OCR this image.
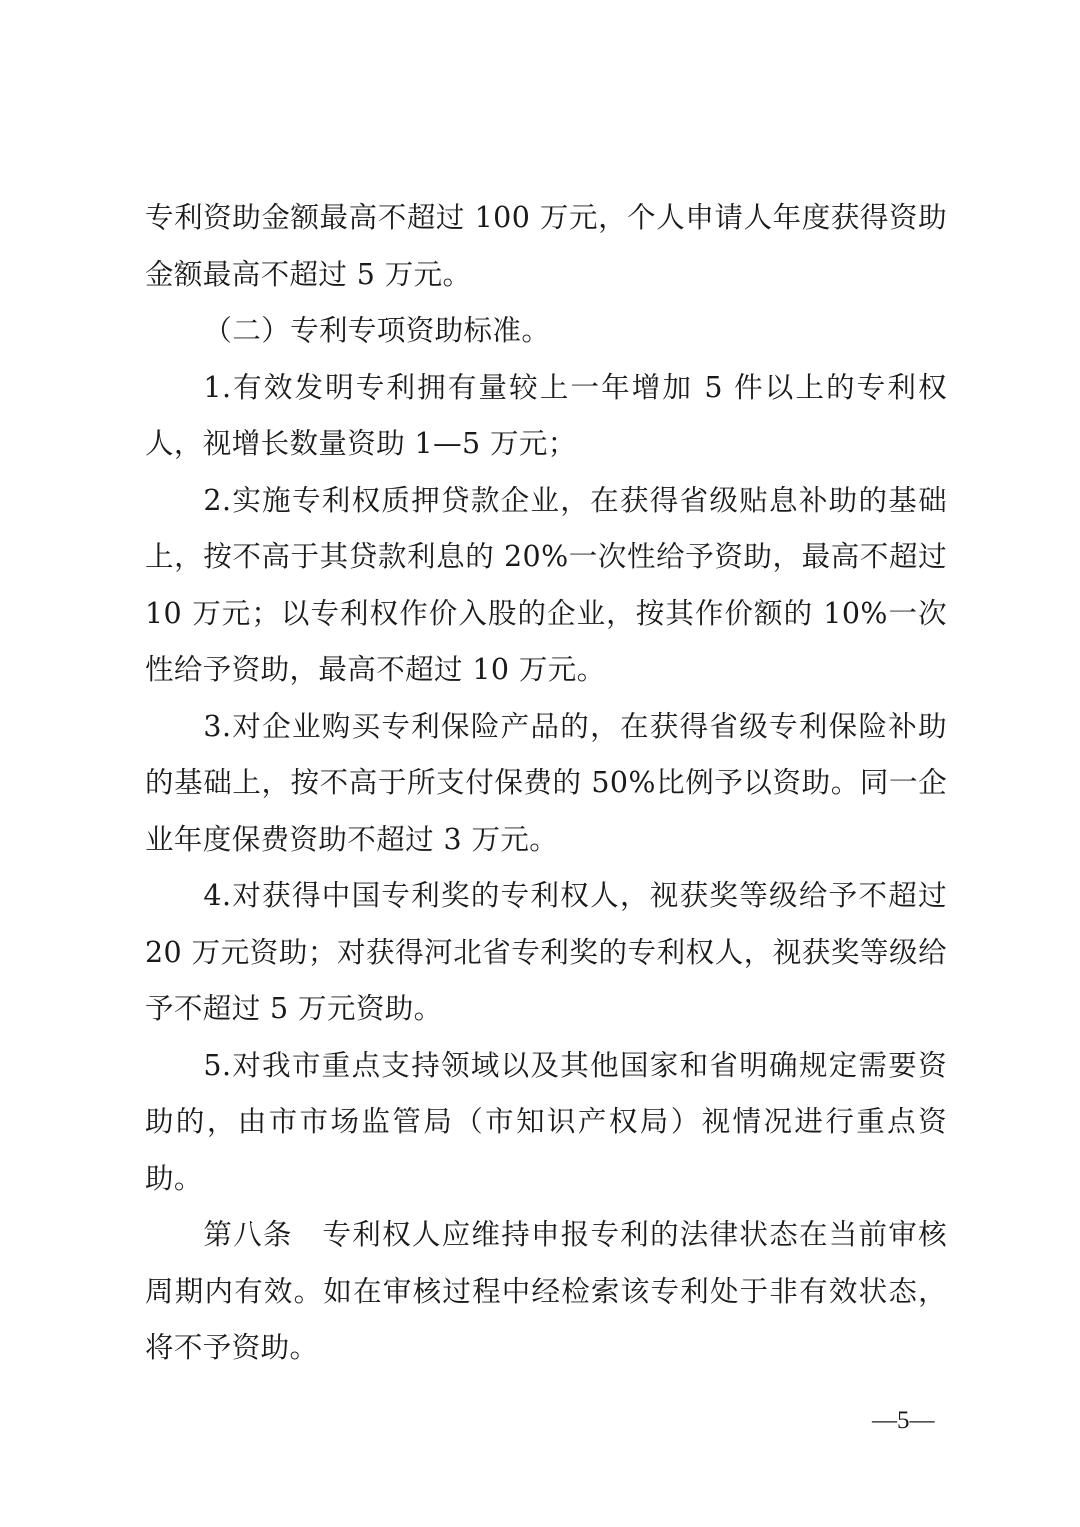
专利资助金额最高不超过 100 万元，个人申请人年度获得资助金额最高不超过 5 万元。

（二）专利专项资助标准。

1.有效发明专利拥有量较上一年增加 5 件以上的专利权人，视增长数量资助 1—5 万元；

2.实施专利权质押贷款企业，在获得省级贴息补助的基础上，按不高于其贷款利息的 20%一次性给予资助，最高不超过 10 万元；以专利权作价入股的企业，按其作价额的 10%一次性给予资助，最高不超过 10 万元。

3.对企业购买专利保险产品的，在获得省级专利保险补助的基础上，按不高于所支付保费的 50%比例予以资助。同一企业年度保费资助不超过 3 万元。

4.对获得中国专利奖的专利权人，视获奖等级给予不超过 20 万元资助；对获得河北省专利奖的专利权人，视获奖等级给予不超过 5 万元资助。

5.对我市重点支持领域以及其他国家和省明确规定需要资助的，由市市场监管局（市知识产权局）视情况进行重点资助。

第八条　专利权人应维持申报专利的法律状态在当前审核周期内有效。如在审核过程中经检索该专利处于非有效状态，将不予资助。

—5—
